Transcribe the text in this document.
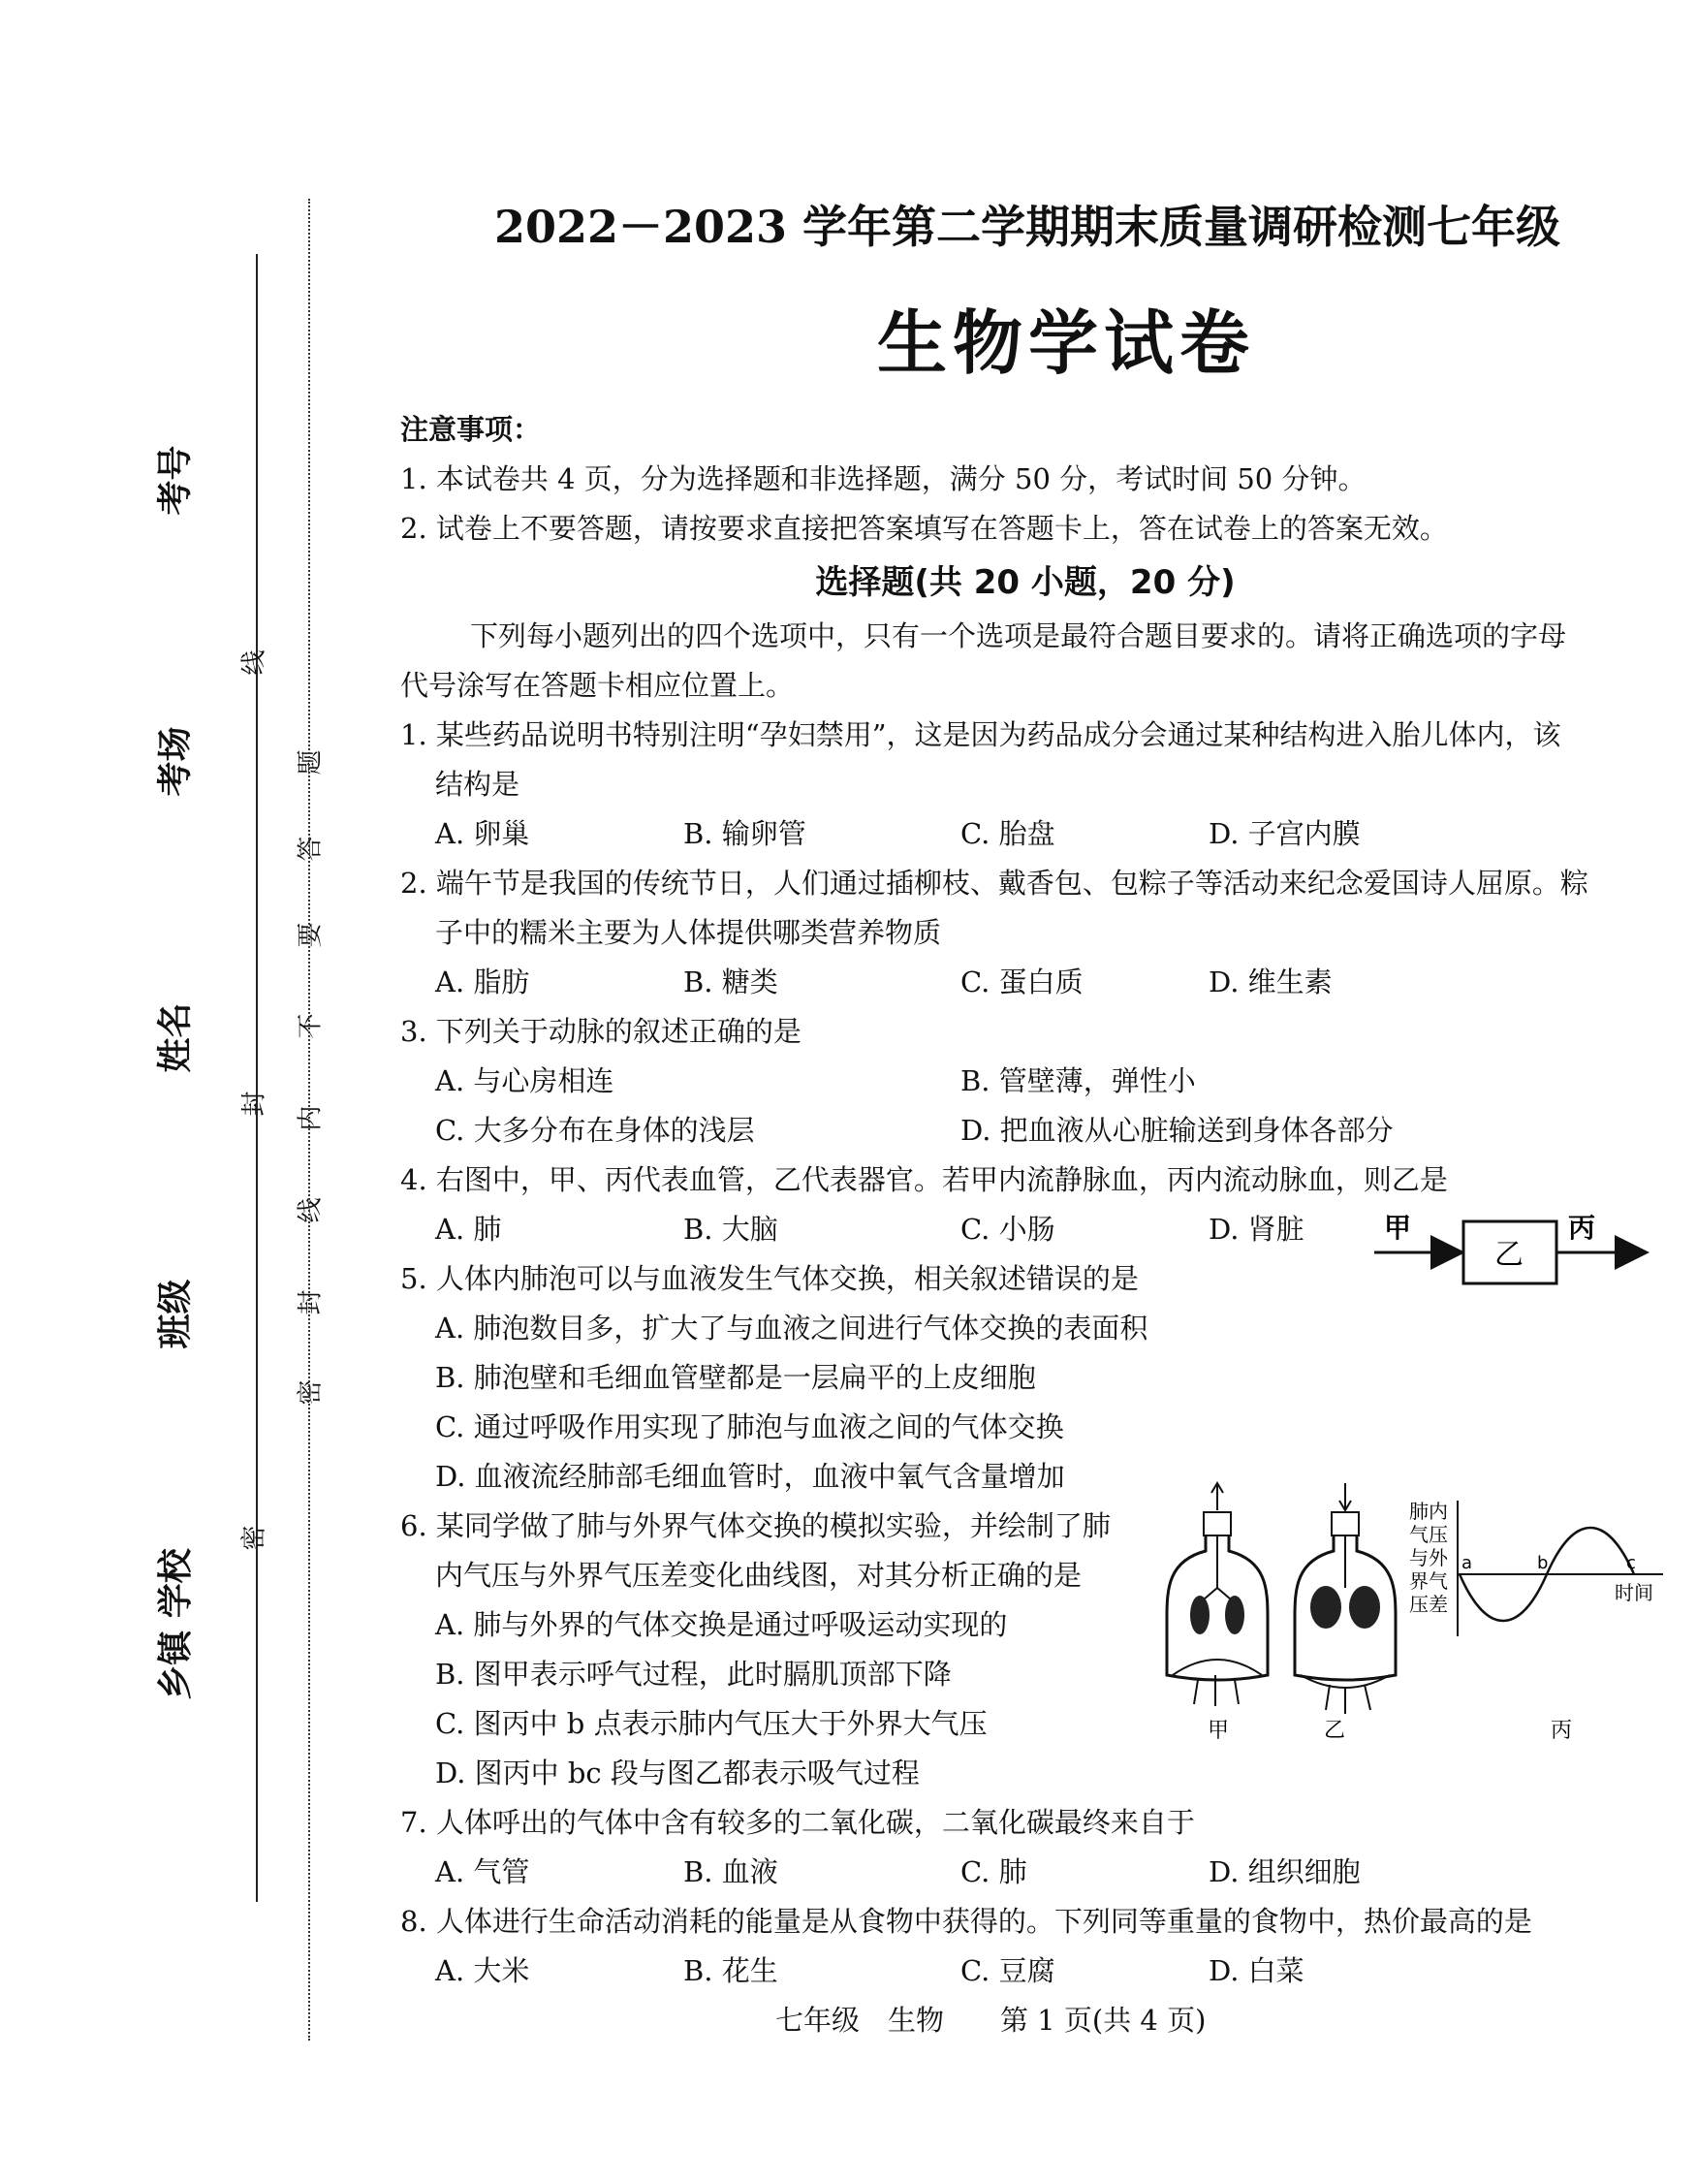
考号
考场
姓名
班级
乡镇 学校
线
题
答
要
不
内
线
封
密
封
密
2022－2023 学年第二学期期末质量调研检测七年级
生物学试卷
注意事项：
1. 本试卷共 4 页，分为选择题和非选择题，满分 50 分，考试时间 50 分钟。
2. 试卷上不要答题，请按要求直接把答案填写在答题卡上，答在试卷上的答案无效。
选择题(共 20 小题，20 分)
下列每小题列出的四个选项中，只有一个选项是最符合题目要求的。请将正确选项的字母
代号涂写在答题卡相应位置上。
1. 某些药品说明书特别注明“孕妇禁用”，这是因为药品成分会通过某种结构进入胎儿体内，该
结构是
A. 卵巢	B. 输卵管	C. 胎盘	D. 子宫内膜
2. 端午节是我国的传统节日，人们通过插柳枝、戴香包、包粽子等活动来纪念爱国诗人屈原。粽
子中的糯米主要为人体提供哪类营养物质
A. 脂肪	B. 糖类	C. 蛋白质	D. 维生素
3. 下列关于动脉的叙述正确的是
A. 与心房相连	B. 管壁薄，弹性小
C. 大多分布在身体的浅层	D. 把血液从心脏输送到身体各部分
4. 右图中，甲、丙代表血管，乙代表器官。若甲内流静脉血，丙内流动脉血，则乙是
A. 肺	B. 大脑	C. 小肠	D. 肾脏
5. 人体内肺泡可以与血液发生气体交换，相关叙述错误的是
A. 肺泡数目多，扩大了与血液之间进行气体交换的表面积
B. 肺泡壁和毛细血管壁都是一层扁平的上皮细胞
C. 通过呼吸作用实现了肺泡与血液之间的气体交换
D. 血液流经肺部毛细血管时，血液中氧气含量增加
6. 某同学做了肺与外界气体交换的模拟实验，并绘制了肺
内气压与外界气压差变化曲线图，对其分析正确的是
A. 肺与外界的气体交换是通过呼吸运动实现的
B. 图甲表示呼气过程，此时膈肌顶部下降
C. 图丙中 b 点表示肺内气压大于外界大气压
D. 图丙中 bc 段与图乙都表示吸气过程
7. 人体呼出的气体中含有较多的二氧化碳，二氧化碳最终来自于
A. 气管	B. 血液	C. 肺	D. 组织细胞
8. 人体进行生命活动消耗的能量是从食物中获得的。下列同等重量的食物中，热价最高的是
A. 大米	B. 花生	C. 豆腐	D. 白菜
甲
乙
丙
a	b	c
时间
肺内
气压
与外
界气
压差
甲	乙	丙
七年级　生物　　第 1 页(共 4 页)
